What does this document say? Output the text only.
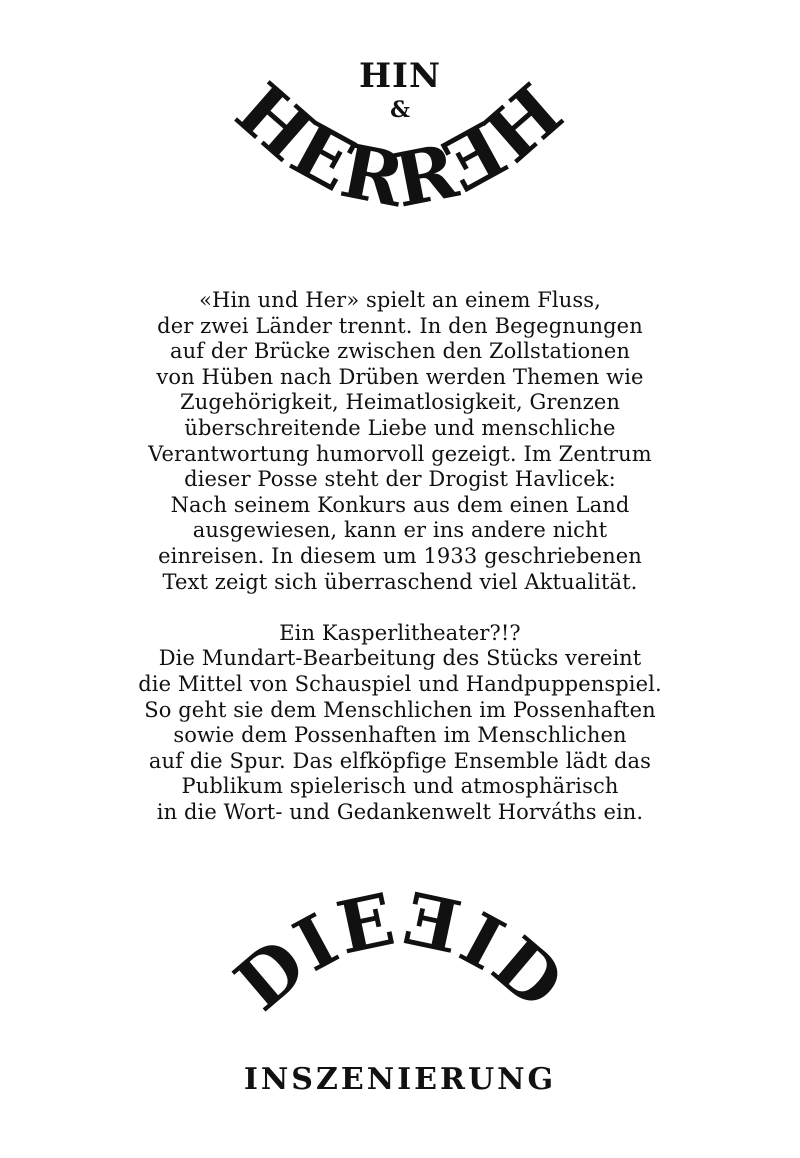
HIN
&
HERRƎH
«Hin und Her» spielt an einem Fluss,
der zwei Länder trennt. In den Begegnungen
auf der Brücke zwischen den Zollstationen
von Hüben nach Drüben werden Themen wie
Zugehörigkeit, Heimatlosigkeit, Grenzen
überschreitende Liebe und menschliche
Verantwortung humorvoll gezeigt. Im Zentrum
dieser Posse steht der Drogist Havlicek:
Nach seinem Konkurs aus dem einen Land
ausgewiesen, kann er ins andere nicht
einreisen. In diesem um 1933 geschriebenen
Text zeigt sich überraschend viel Aktualität.
Ein Kasperlitheater?!?
Die Mundart-Bearbeitung des Stücks vereint
die Mittel von Schauspiel und Handpuppenspiel.
So geht sie dem Menschlichen im Possenhaften
sowie dem Possenhaften im Menschlichen
auf die Spur. Das elfköpfige Ensemble lädt das
Publikum spielerisch und atmosphärisch
in die Wort- und Gedankenwelt Horváths ein.
DIEƎID
INSZENIERUNG
